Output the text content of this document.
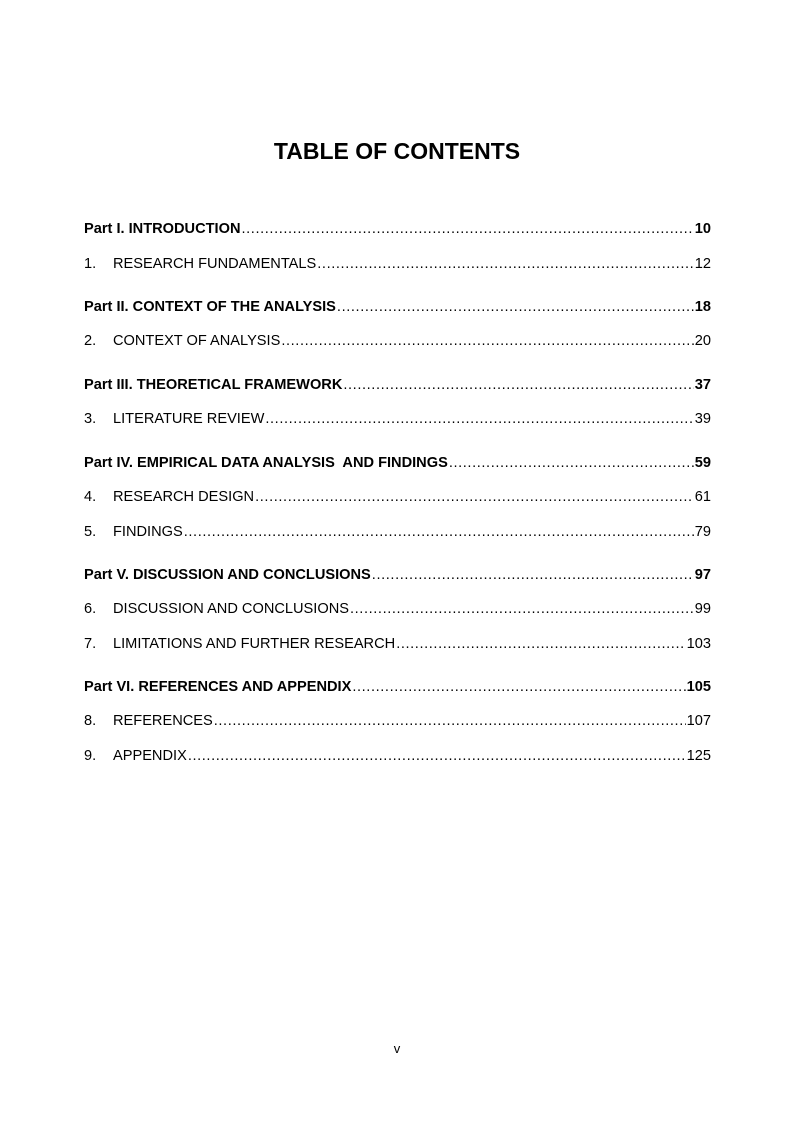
TABLE OF CONTENTS
Part I. INTRODUCTION .....	10
1.	RESEARCH FUNDAMENTALS .....	12
Part II. CONTEXT OF THE ANALYSIS .....	18
2.	CONTEXT OF ANALYSIS .....	20
Part III. THEORETICAL FRAMEWORK .....	37
3.	LITERATURE REVIEW .....	39
Part IV. EMPIRICAL DATA ANALYSIS  AND FINDINGS .....	59
4.	RESEARCH DESIGN .....	61
5.	FINDINGS .....	79
Part V. DISCUSSION AND CONCLUSIONS .....	97
6.	DISCUSSION AND CONCLUSIONS .....	99
7.	LIMITATIONS AND FURTHER RESEARCH .....	103
Part VI. REFERENCES AND APPENDIX .....	105
8.	REFERENCES .....	107
9.	APPENDIX .....	125
v
